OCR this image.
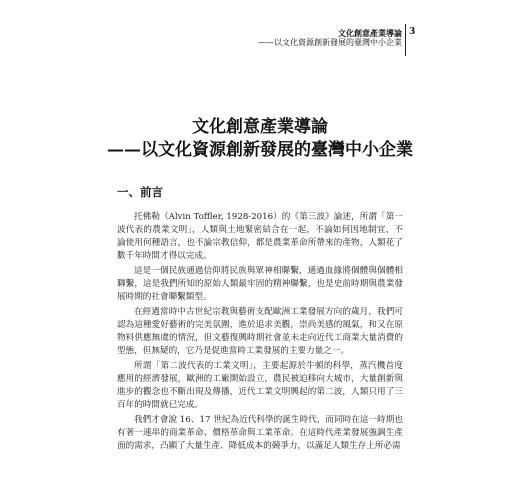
文化創意產業導論
——以文化資源創新發展的臺灣中小企業
3
文化創意產業導論
——以文化資源創新發展的臺灣中小企業
一、前言

托佛勒（Alvin Toffler, 1928-2016）的《第三波》論述，所謂「第一波代表的農業文明」，人類與土地緊密結合在一起，不論如何因地制宜，不論使用何種語言，也不論宗教信仰，都是農業革命所帶來的產物，人類花了數千年時間才得以完成。

這是一個民族通過信仰將民族與眾神相聯繫，通過血緣將個體與個體相聯繫，這是我們所知的原始人類最牢固的精神聯繫，也是史前時期與農業發展時期的社會聯繫類型。

在經過當時中古世紀宗教與藝術支配歐洲工業發展方向的歲月，我們可認為這種愛好藝術的完美氛圍，進於追求美觀，崇尚美感的風氣，和又在原物料供應無虞的情況，但文藝復興時期社會並未走向近代工商業大量消費的型態，但無疑的，它乃是促進當時工業發展的主要力量之一。

所謂「第二波代表的工業文明」，主要起源於牛頓的科學，蒸汽機首度應用的經濟發展，歐洲的工廠開始設立，農民被迫移向大城市，大量創新與進步的觀念也不斷出現及傳播，近代工業文明興起的第二波，人類只用了三百年的時間就已完成。

我們才會說 16、17 世紀為近代科學的誕生時代，而同時在這一時期也有著一連串的商業革命、價格革命與工業革命。在這時代產業發展強調生產面的需求，凸顯了大量生產、降低成本的競爭力，以滿足人類生存上所必需
